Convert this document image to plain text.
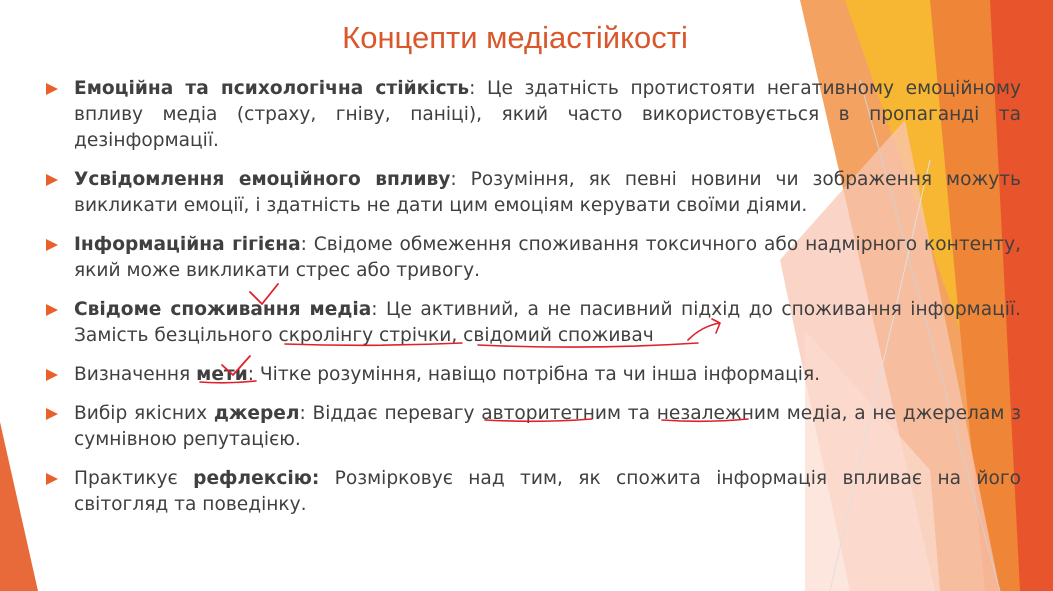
Концепти медіастійкості
Емоційна та психологічна стійкість: Це здатність протистояти негативному емоційному впливу медіа (страху, гніву, паніці), який часто використовується в пропаганді та дезінформації.
Усвідомлення емоційного впливу: Розуміння, як певні новини чи зображення можуть викликати емоції, і здатність не дати цим емоціям керувати своїми діями.
Інформаційна гігієна: Свідоме обмеження споживання токсичного або надмірного контенту, який може викликати стрес або тривогу.
Свідоме споживання медіа: Це активний, а не пасивний підхід до споживання інформації. Замість безцільного скролінгу стрічки, свідомий споживач
Визначення мети: Чітке розуміння, навіщо потрібна та чи інша інформація.
Вибір якісних джерел: Віддає перевагу авторитетним та незалежним медіа, а не джерелам з сумнівною репутацією.
Практикує рефлексію: Розмірковує над тим, як спожита інформація впливає на його світогляд та поведінку.
